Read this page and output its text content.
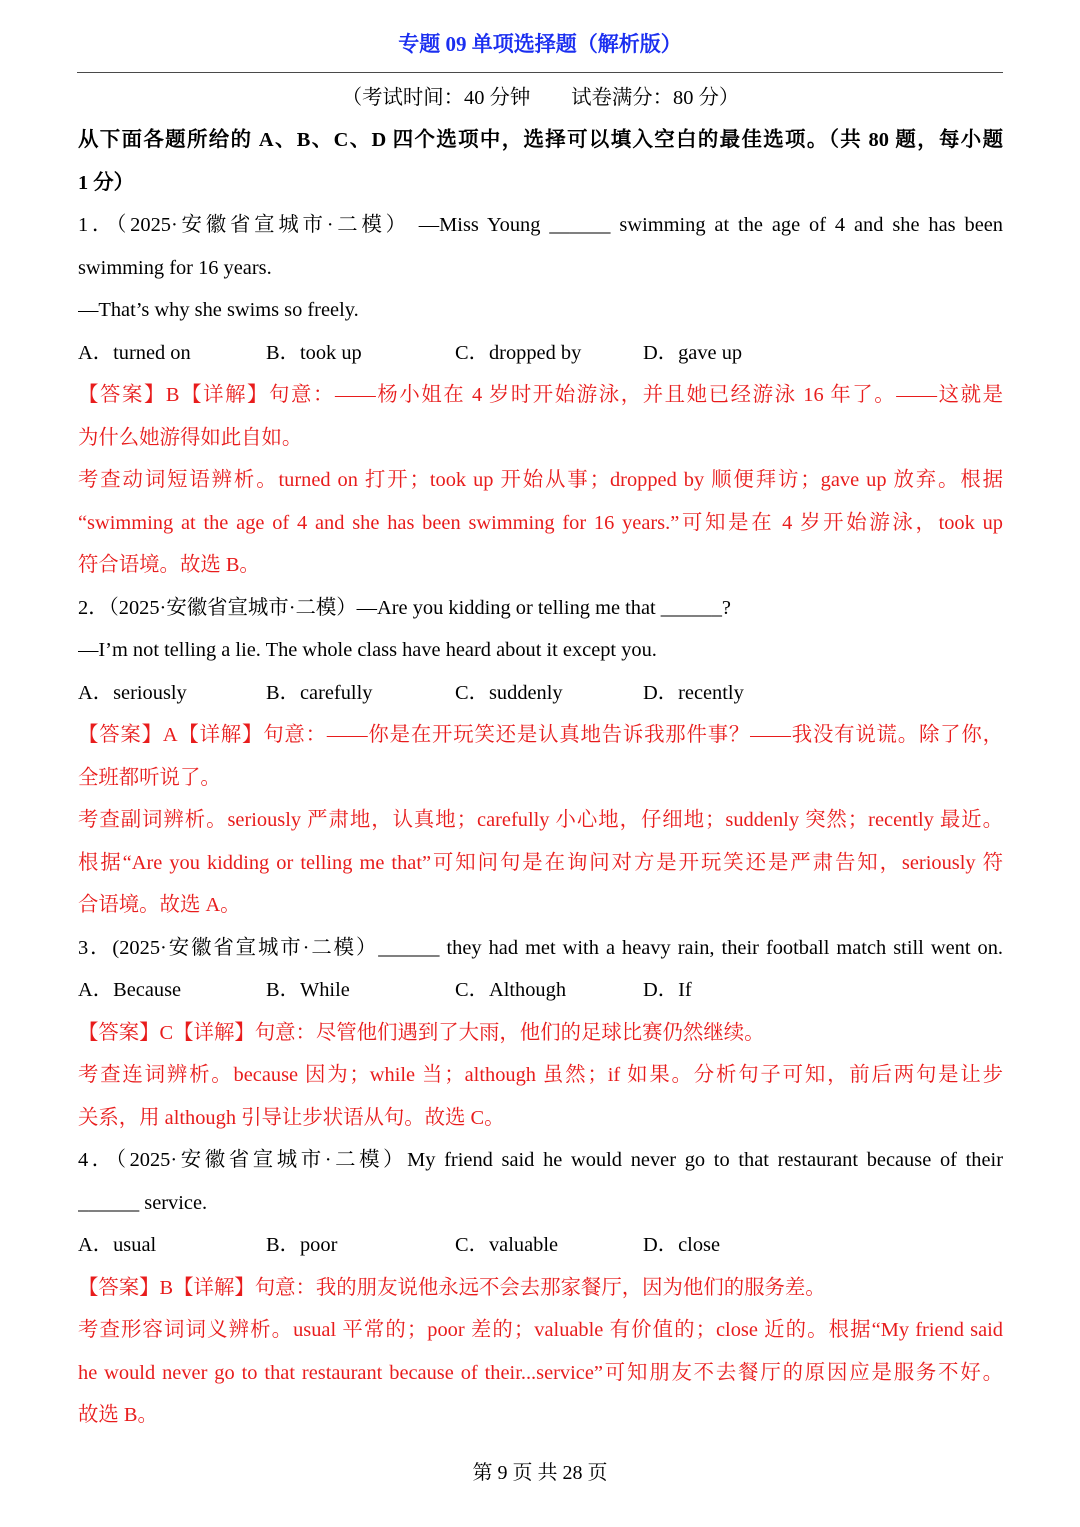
专题 09 单项选择题（解析版）
（考试时间：40 分钟　　试卷满分：80 分）
从下面各题所给的 A、B、C、D 四个选项中，选择可以填入空白的最佳选项。（共 80 题，每小题
1 分）
1．（2025·安徽省宣城市·二模） —Miss Young ______ swimming at the age of 4 and she has been
swimming for 16 years.
—That’s why she swims so freely.
A．turned on	B．took up	C．dropped by	D．gave up
【答案】B【详解】句意：——杨小姐在 4 岁时开始游泳，并且她已经游泳 16 年了。——这就是
为什么她游得如此自如。
考查动词短语辨析。turned on 打开；took up 开始从事；dropped by 顺便拜访；gave up 放弃。根据
“swimming at the age of 4 and she has been swimming for 16 years.”可知是在 4 岁开始游泳，took up
符合语境。故选 B。
2．（2025·安徽省宣城市·二模）—Are you kidding or telling me that ______?
—I’m not telling a lie. The whole class have heard about it except you.
A．seriously	B．carefully	C．suddenly	D．recently
【答案】A【详解】句意：——你是在开玩笑还是认真地告诉我那件事？——我没有说谎。除了你，
全班都听说了。
考查副词辨析。seriously 严肃地，认真地；carefully 小心地，仔细地；suddenly 突然；recently 最近。
根据“Are you kidding or telling me that”可知问句是在询问对方是开玩笑还是严肃告知，seriously 符
合语境。故选 A。
3．(2025·安徽省宣城市·二模）______ they had met with a heavy rain, their football match still went on.
A．Because	B．While	C．Although	D．If
【答案】C【详解】句意：尽管他们遇到了大雨，他们的足球比赛仍然继续。
考查连词辨析。because 因为；while 当；although 虽然；if 如果。分析句子可知，前后两句是让步
关系，用 although 引导让步状语从句。故选 C。
4．（2025·安徽省宣城市·二模）My friend said he would never go to that restaurant because of their
______ service.
A．usual	B．poor	C．valuable	D．close
【答案】B【详解】句意：我的朋友说他永远不会去那家餐厅，因为他们的服务差。
考查形容词词义辨析。usual 平常的；poor 差的；valuable 有价值的；close 近的。根据“My friend said
he would never go to that restaurant because of their...service”可知朋友不去餐厅的原因应是服务不好。
故选 B。
第 9 页 共 28 页
